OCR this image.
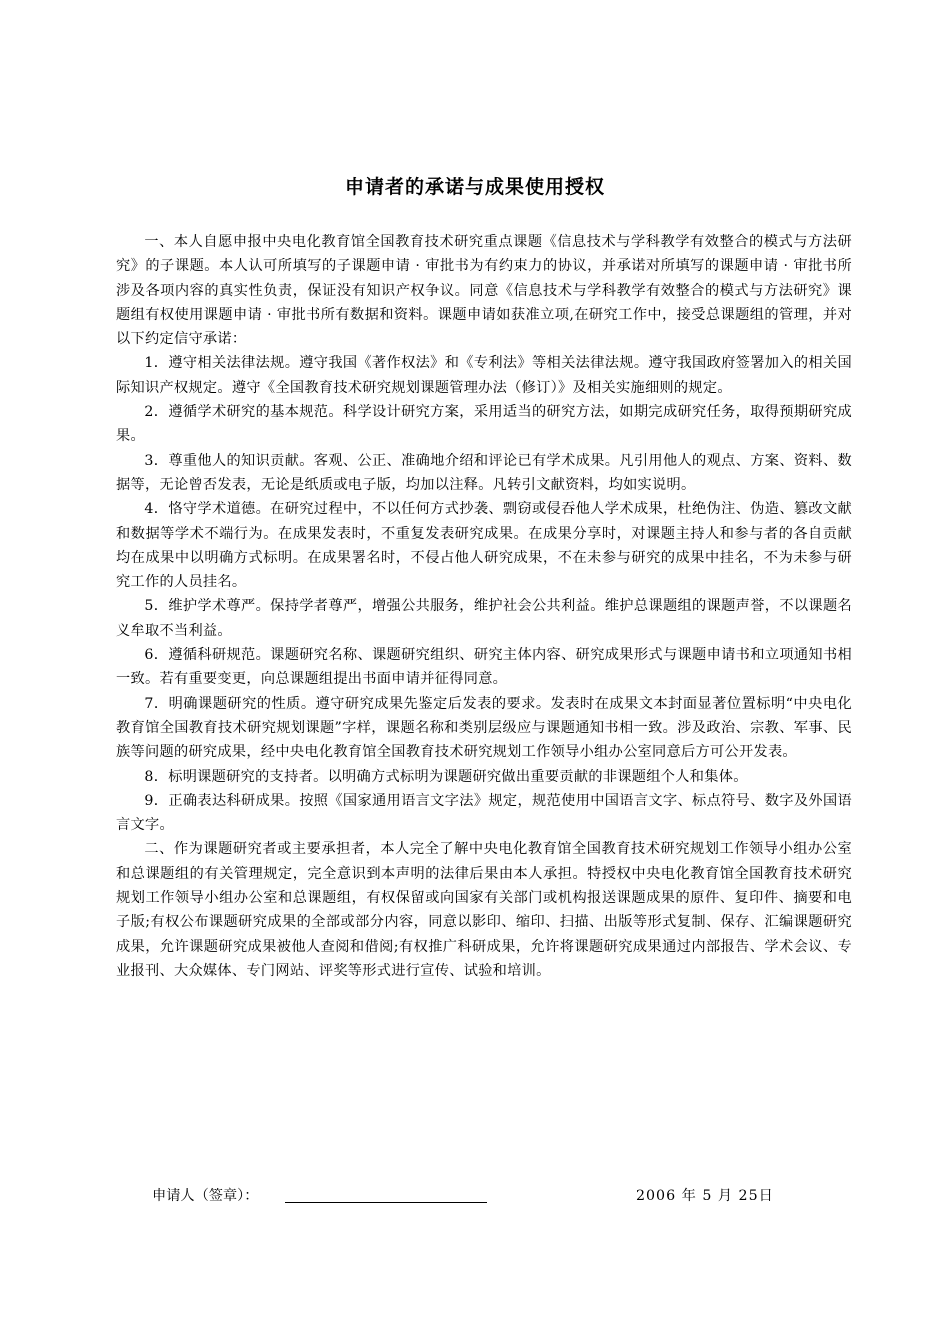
申请者的承诺与成果使用授权

一、本人自愿申报中央电化教育馆全国教育技术研究重点课题《信息技术与学科教学有效整合的模式与方法研究》的子课题。本人认可所填写的子课题申请 · 审批书为有约束力的协议，并承诺对所填写的课题申请 · 审批书所涉及各项内容的真实性负责，保证没有知识产权争议。同意《信息技术与学科教学有效整合的模式与方法研究》课题组有权使用课题申请 · 审批书所有数据和资料。课题申请如获准立项,在研究工作中，接受总课题组的管理，并对以下约定信守承诺：

1．遵守相关法律法规。遵守我国《著作权法》和《专利法》等相关法律法规。遵守我国政府签署加入的相关国际知识产权规定。遵守《全国教育技术研究规划课题管理办法（修订）》及相关实施细则的规定。

2．遵循学术研究的基本规范。科学设计研究方案，采用适当的研究方法，如期完成研究任务，取得预期研究成果。

3．尊重他人的知识贡献。客观、公正、准确地介绍和评论已有学术成果。凡引用他人的观点、方案、资料、数据等，无论曾否发表，无论是纸质或电子版，均加以注释。凡转引文献资料，均如实说明。

4．恪守学术道德。在研究过程中，不以任何方式抄袭、剽窃或侵吞他人学术成果，杜绝伪注、伪造、篡改文献和数据等学术不端行为。在成果发表时，不重复发表研究成果。在成果分享时，对课题主持人和参与者的各自贡献均在成果中以明确方式标明。在成果署名时，不侵占他人研究成果，不在未参与研究的成果中挂名，不为未参与研究工作的人员挂名。

5．维护学术尊严。保持学者尊严，增强公共服务，维护社会公共利益。维护总课题组的课题声誉，不以课题名义牟取不当利益。

6．遵循科研规范。课题研究名称、课题研究组织、研究主体内容、研究成果形式与课题申请书和立项通知书相一致。若有重要变更，向总课题组提出书面申请并征得同意。

7．明确课题研究的性质。遵守研究成果先鉴定后发表的要求。发表时在成果文本封面显著位置标明“中央电化教育馆全国教育技术研究规划课题”字样，课题名称和类别层级应与课题通知书相一致。涉及政治、宗教、军事、民族等问题的研究成果，经中央电化教育馆全国教育技术研究规划工作领导小组办公室同意后方可公开发表。

8．标明课题研究的支持者。以明确方式标明为课题研究做出重要贡献的非课题组个人和集体。

9．正确表达科研成果。按照《国家通用语言文字法》规定，规范使用中国语言文字、标点符号、数字及外国语言文字。

二、作为课题研究者或主要承担者，本人完全了解中央电化教育馆全国教育技术研究规划工作领导小组办公室和总课题组的有关管理规定，完全意识到本声明的法律后果由本人承担。特授权中央电化教育馆全国教育技术研究规划工作领导小组办公室和总课题组，有权保留或向国家有关部门或机构报送课题成果的原件、复印件、摘要和电子版;有权公布课题研究成果的全部或部分内容，同意以影印、缩印、扫描、出版等形式复制、保存、汇编课题研究成果，允许课题研究成果被他人查阅和借阅;有权推广科研成果，允许将课题研究成果通过内部报告、学术会议、专业报刊、大众媒体、专门网站、评奖等形式进行宣传、试验和培训。

申请人（签章）：	2006 年 5 月 25日
